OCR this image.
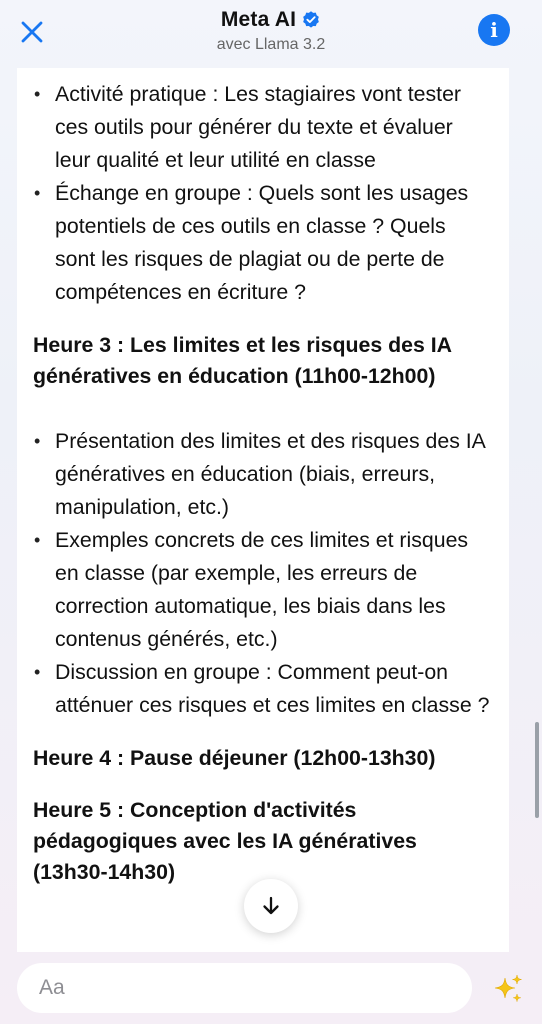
Meta AI
avec Llama 3.2
i
• Activité pratique : Les stagiaires vont tester ces outils pour générer du texte et évaluer leur qualité et leur utilité en classe
• Échange en groupe : Quels sont les usages potentiels de ces outils en classe ? Quels sont les risques de plagiat ou de perte de compétences en écriture ?
Heure 3 : Les limites et les risques des IA génératives en éducation (11h00-12h00)
• Présentation des limites et des risques des IA génératives en éducation (biais, erreurs, manipulation, etc.)
• Exemples concrets de ces limites et risques en classe (par exemple, les erreurs de correction automatique, les biais dans les contenus générés, etc.)
• Discussion en groupe : Comment peut-on atténuer ces risques et ces limites en classe ?
Heure 4 : Pause déjeuner (12h00-13h30)
Heure 5 : Conception d'activités pédagogiques avec les IA génératives (13h30-14h30)
Aa
